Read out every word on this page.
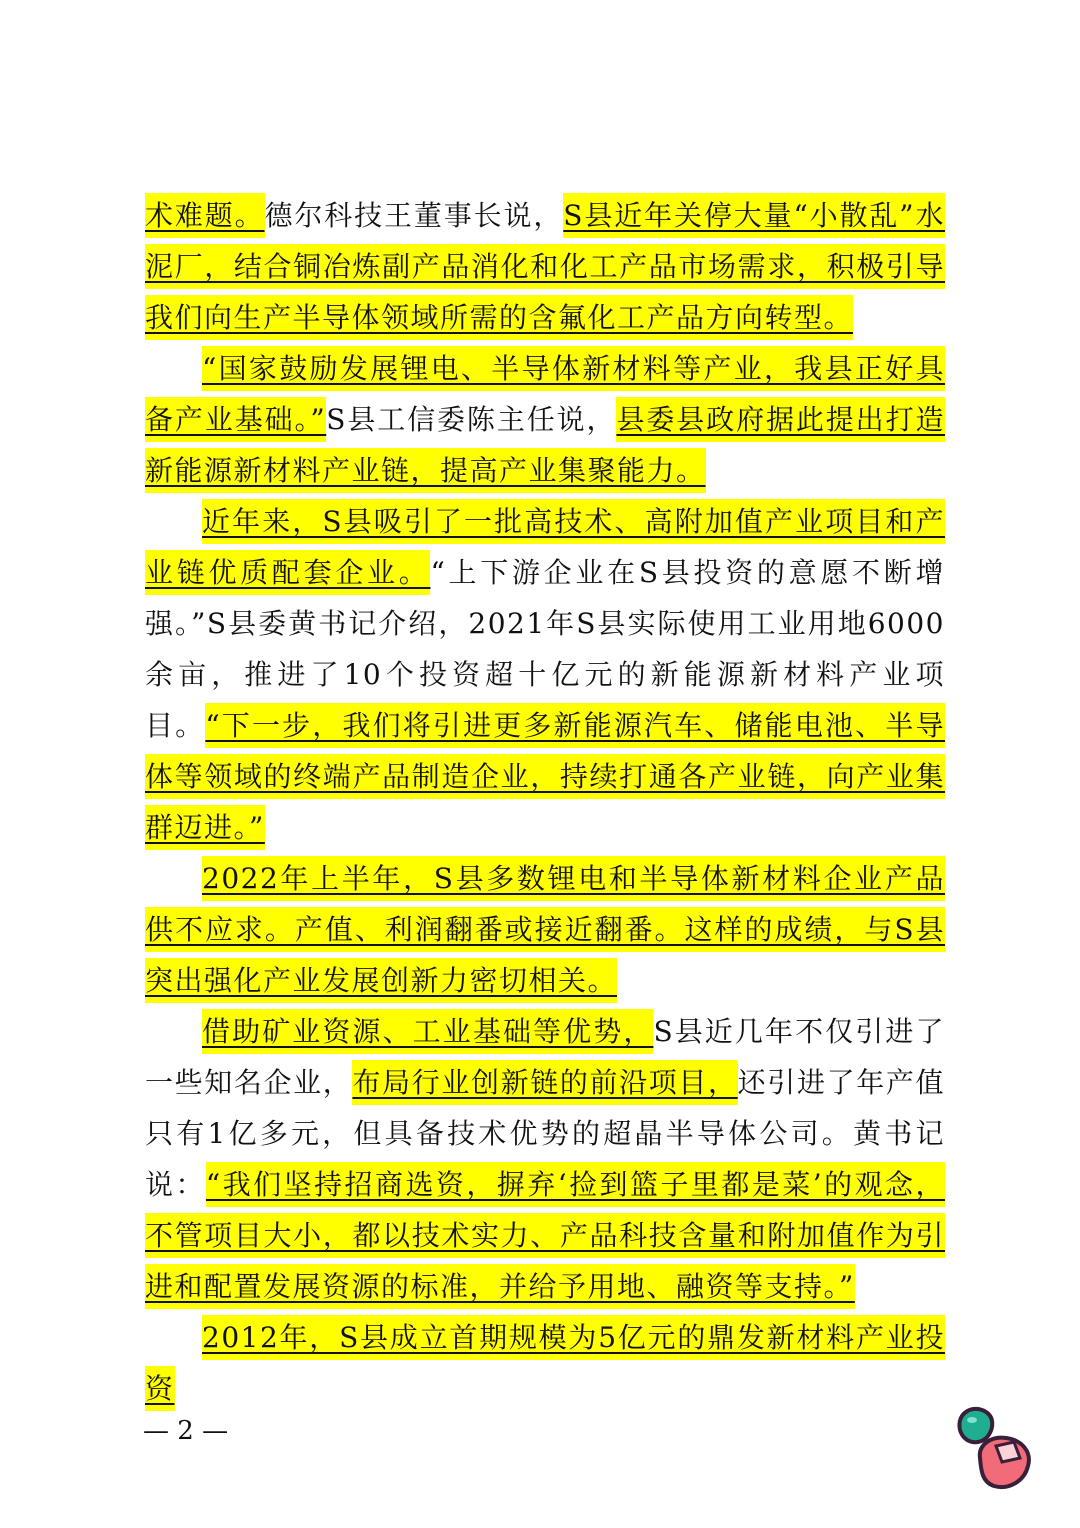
术难题。德尔科技王董事长说，S县近年关停大量“小散乱”水泥厂，结合铜冶炼副产品消化和化工产品市场需求，积极引导我们向生产半导体领域所需的含氟化工产品方向转型。

“国家鼓励发展锂电、半导体新材料等产业，我县正好具备产业基础。”S县工信委陈主任说，县委县政府据此提出打造新能源新材料产业链，提高产业集聚能力。

近年来，S县吸引了一批高技术、高附加值产业项目和产业链优质配套企业。“上下游企业在S县投资的意愿不断增强。”S县委黄书记介绍，2021年S县实际使用工业用地6000余亩，推进了10个投资超十亿元的新能源新材料产业项目。“下一步，我们将引进更多新能源汽车、储能电池、半导体等领域的终端产品制造企业，持续打通各产业链，向产业集群迈进。”

2022年上半年，S县多数锂电和半导体新材料企业产品供不应求。产值、利润翻番或接近翻番。这样的成绩，与S县突出强化产业发展创新力密切相关。

借助矿业资源、工业基础等优势，S县近几年不仅引进了一些知名企业，布局行业创新链的前沿项目，还引进了年产值只有1亿多元，但具备技术优势的超晶半导体公司。黄书记说：“我们坚持招商选资，摒弃‘捡到篮子里都是菜’的观念，不管项目大小，都以技术实力、产品科技含量和附加值作为引进和配置发展资源的标准，并给予用地、融资等支持。”

2012年，S县成立首期规模为5亿元的鼎发新材料产业投资

— 2 —
